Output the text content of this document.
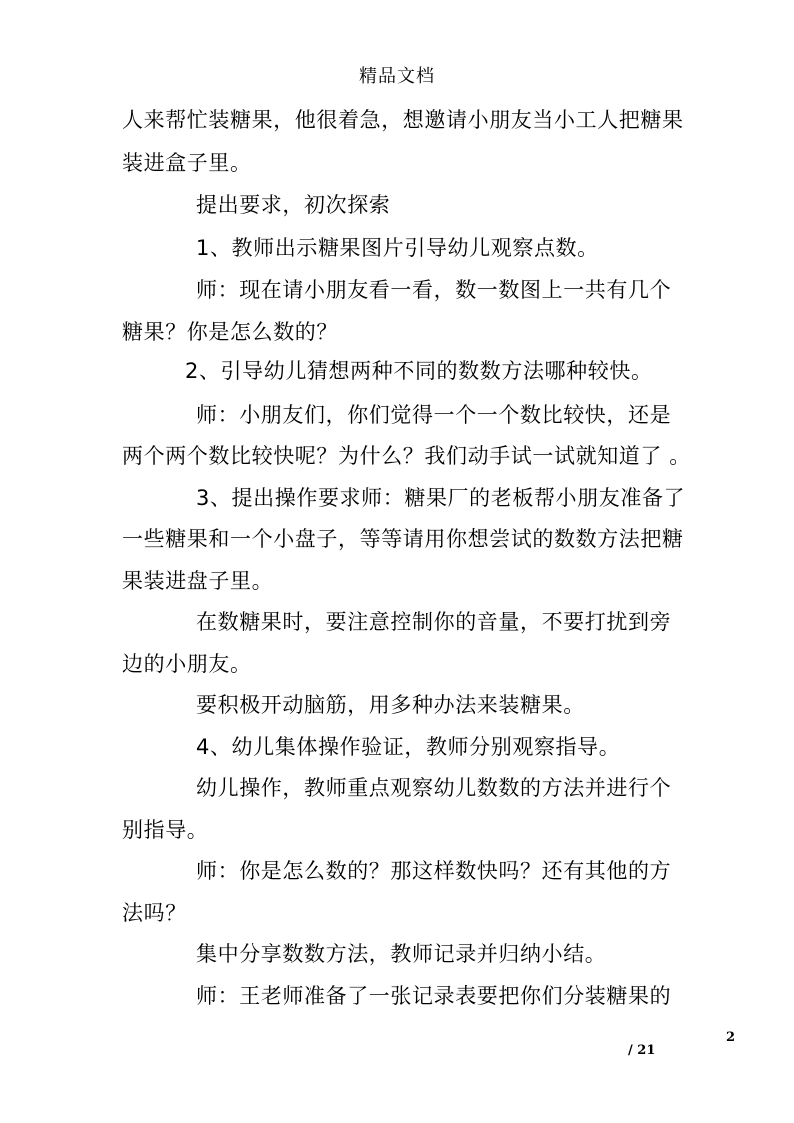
精品文档
人来帮忙装糖果，他很着急，想邀请小朋友当小工人把糖果
装进盒子里。
提出要求，初次探索
1、教师出示糖果图片引导幼儿观察点数。
师：现在请小朋友看一看，数一数图上一共有几个
糖果？你是怎么数的？
2、引导幼儿猜想两种不同的数数方法哪种较快。
师：小朋友们，你们觉得一个一个数比较快，还是
两个两个数比较快呢？为什么？我们动手试一试就知道了 。
3、提出操作要求师：糖果厂的老板帮小朋友准备了
一些糖果和一个小盘子，等等请用你想尝试的数数方法把糖
果装进盘子里。
在数糖果时，要注意控制你的音量，不要打扰到旁
边的小朋友。
要积极开动脑筋，用多种办法来装糖果。
4、幼儿集体操作验证，教师分别观察指导。
幼儿操作，教师重点观察幼儿数数的方法并进行个
别指导。
师：你是怎么数的？那这样数快吗？还有其他的方
法吗？
集中分享数数方法，教师记录并归纳小结。
师：王老师准备了一张记录表要把你们分装糖果的
2
/ 21
